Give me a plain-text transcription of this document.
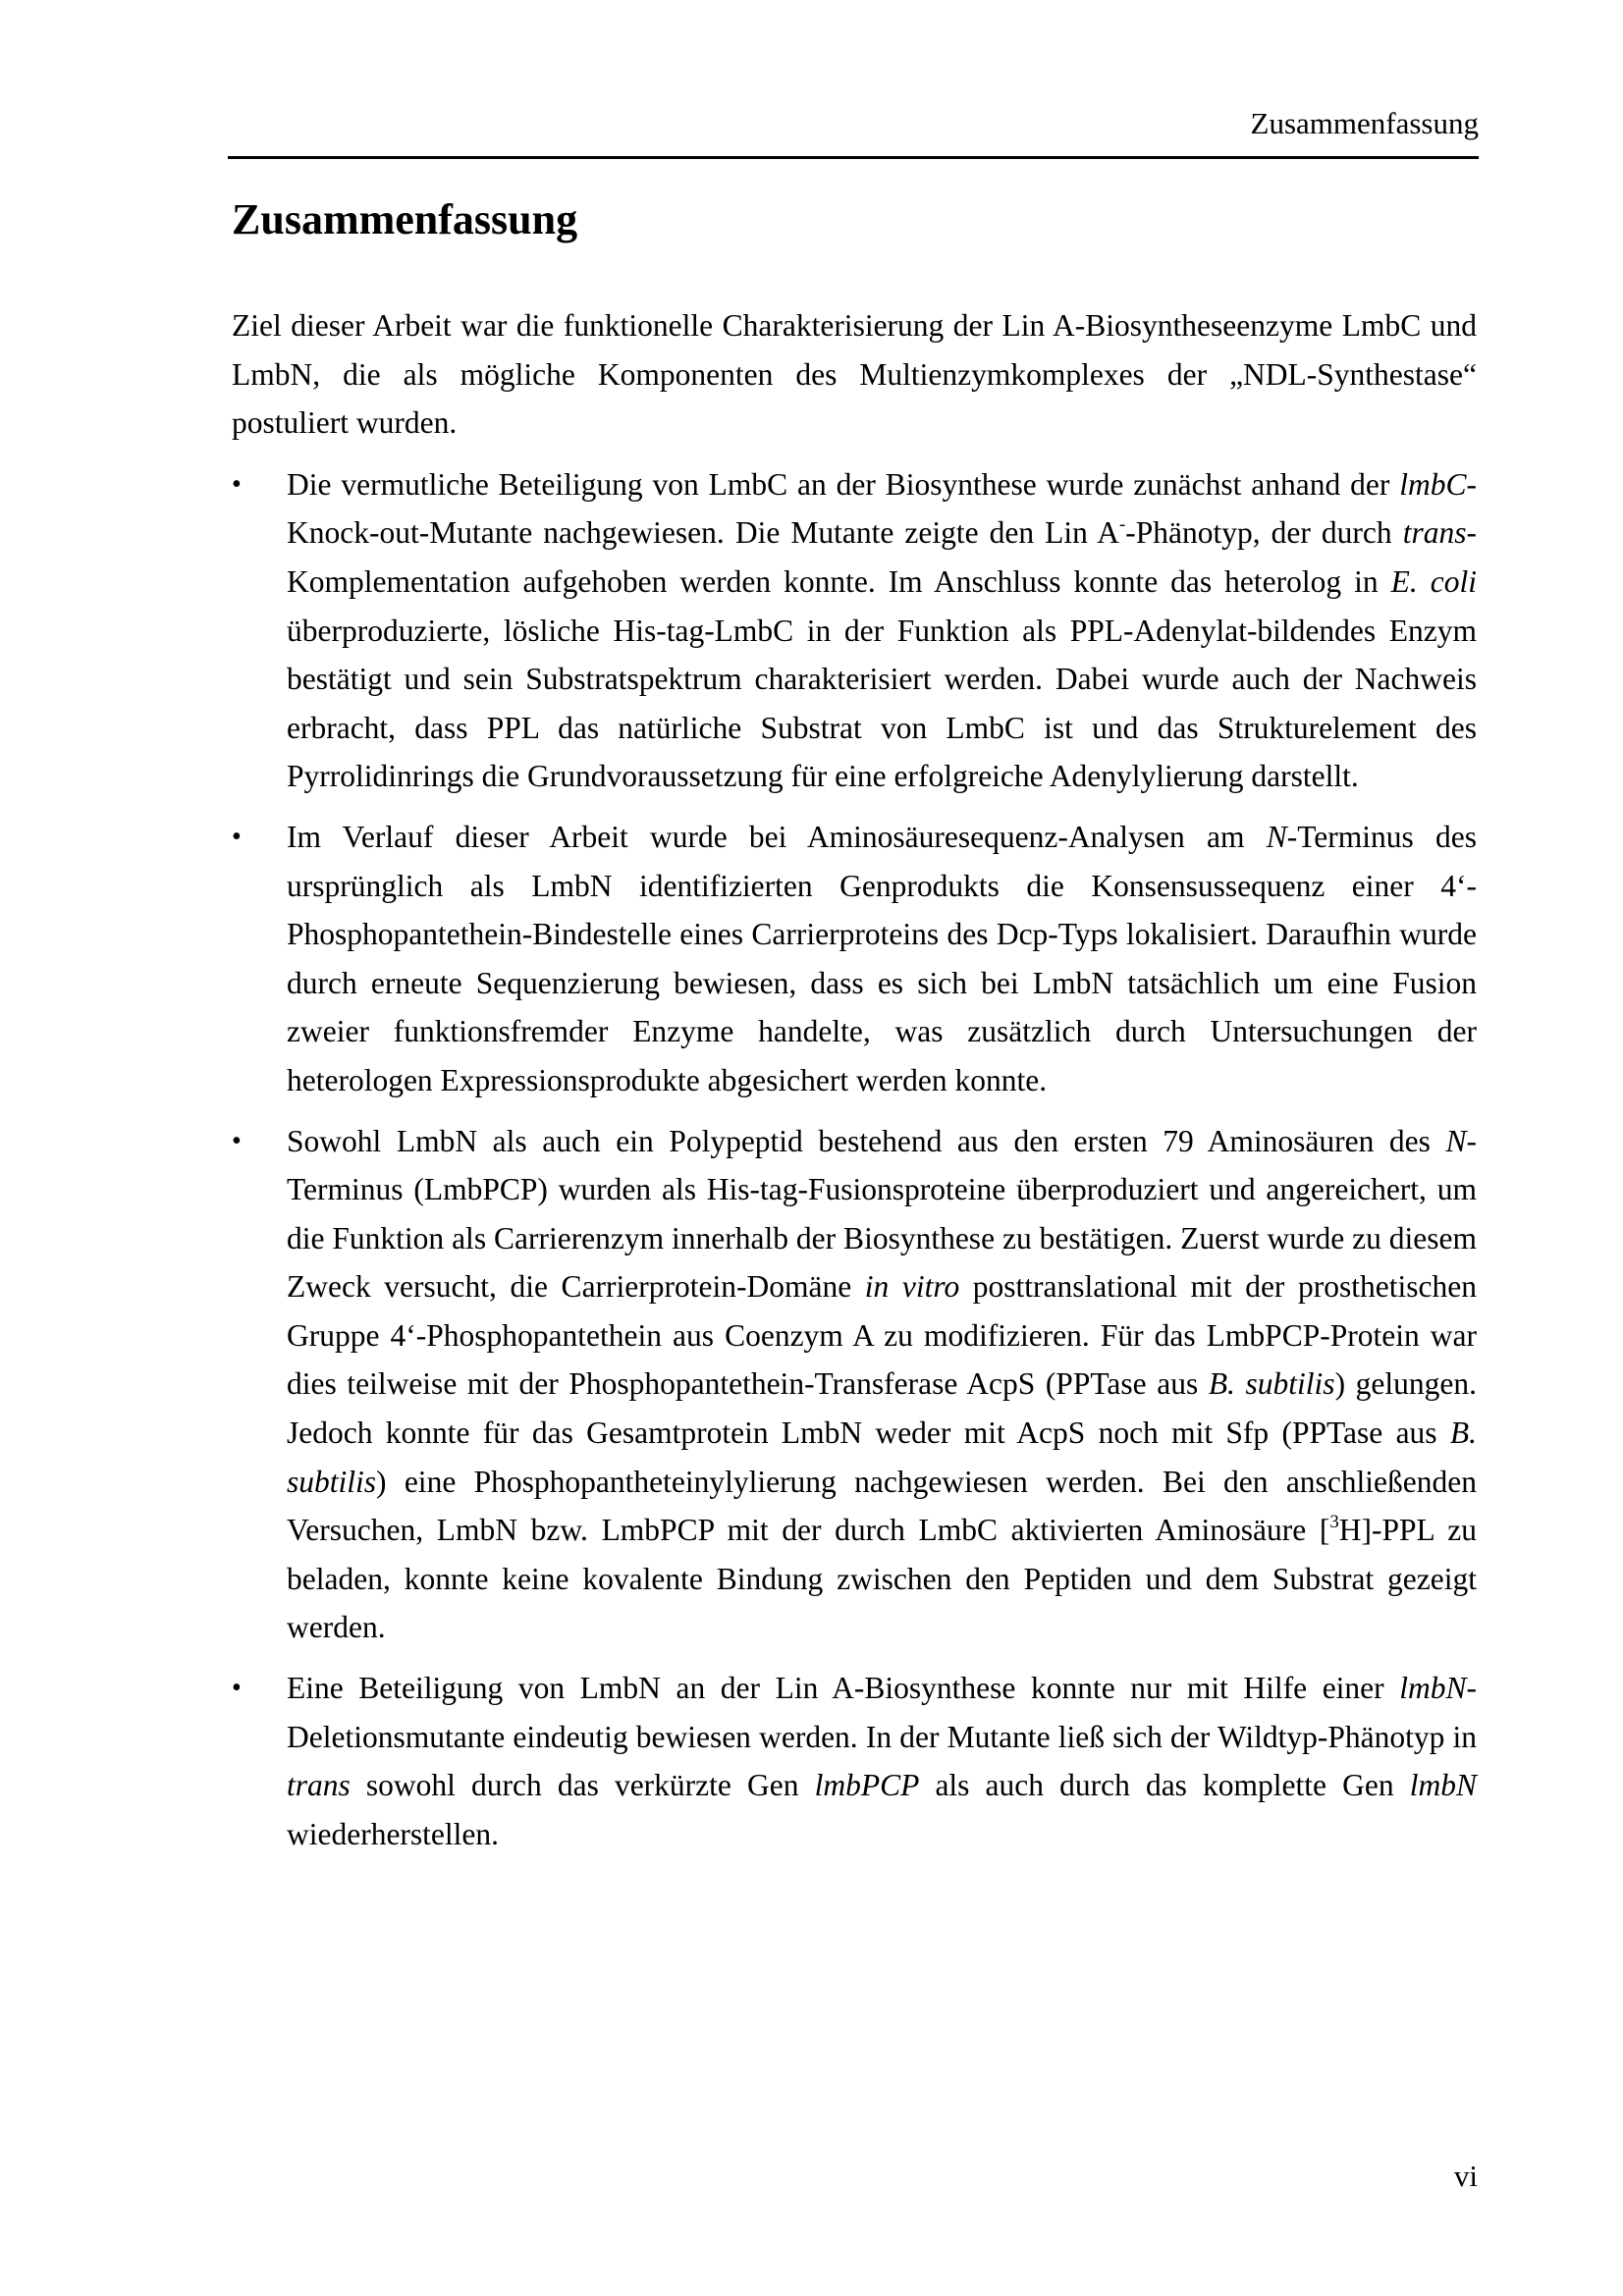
Zusammenfassung
Zusammenfassung

Ziel dieser Arbeit war die funktionelle Charakterisierung der Lin A-Biosyntheseenzyme LmbC und LmbN, die als mögliche Komponenten des Multienzymkomplexes der „NDL-Synthestase“ postuliert wurden.

•	Die vermutliche Beteiligung von LmbC an der Biosynthese wurde zunächst anhand der lmbC-Knock-out-Mutante nachgewiesen. Die Mutante zeigte den Lin A--Phänotyp, der durch trans-Komplementation aufgehoben werden konnte. Im Anschluss konnte das heterolog in E. coli überproduzierte, lösliche His-tag-LmbC in der Funktion als PPL-Adenylat-bildendes Enzym bestätigt und sein Substratspektrum charakterisiert werden. Dabei wurde auch der Nachweis erbracht, dass PPL das natürliche Substrat von LmbC ist und das Strukturelement des Pyrrolidinrings die Grundvoraussetzung für eine erfolgreiche Adenylylierung darstellt.
•	Im Verlauf dieser Arbeit wurde bei Aminosäuresequenz-Analysen am N-Terminus des ursprünglich als LmbN identifizierten Genprodukts die Konsensussequenz einer 4‘-Phosphopantethein-Bindestelle eines Carrierproteins des Dcp-Typs lokalisiert. Daraufhin wurde durch erneute Sequenzierung bewiesen, dass es sich bei LmbN tatsächlich um eine Fusion zweier funktionsfremder Enzyme handelte, was zusätzlich durch Untersuchungen der heterologen Expressionsprodukte abgesichert werden konnte.
•	Sowohl LmbN als auch ein Polypeptid bestehend aus den ersten 79 Aminosäuren des N-Terminus (LmbPCP) wurden als His-tag-Fusionsproteine überproduziert und angereichert, um die Funktion als Carrierenzym innerhalb der Biosynthese zu bestätigen. Zuerst wurde zu diesem Zweck versucht, die Carrierprotein-Domäne in vitro posttranslational mit der prosthetischen Gruppe 4‘-Phosphopantethein aus Coenzym A zu modifizieren. Für das LmbPCP-Protein war dies teilweise mit der Phosphopantethein-Transferase AcpS (PPTase aus B. subtilis) gelungen. Jedoch konnte für das Gesamtprotein LmbN weder mit AcpS noch mit Sfp (PPTase aus B. subtilis) eine Phosphopantheteinylylierung nachgewiesen werden. Bei den anschließenden Versuchen, LmbN bzw. LmbPCP mit der durch LmbC aktivierten Aminosäure [$^3$H]-PPL zu beladen, konnte keine kovalente Bindung zwischen den Peptiden und dem Substrat gezeigt werden.
•	Eine Beteiligung von LmbN an der Lin A-Biosynthese konnte nur mit Hilfe einer lmbN-Deletionsmutante eindeutig bewiesen werden. In der Mutante ließ sich der Wildtyp-Phänotyp in trans sowohl durch das verkürzte Gen lmbPCP als auch durch das komplette Gen lmbN wiederherstellen.
vi
